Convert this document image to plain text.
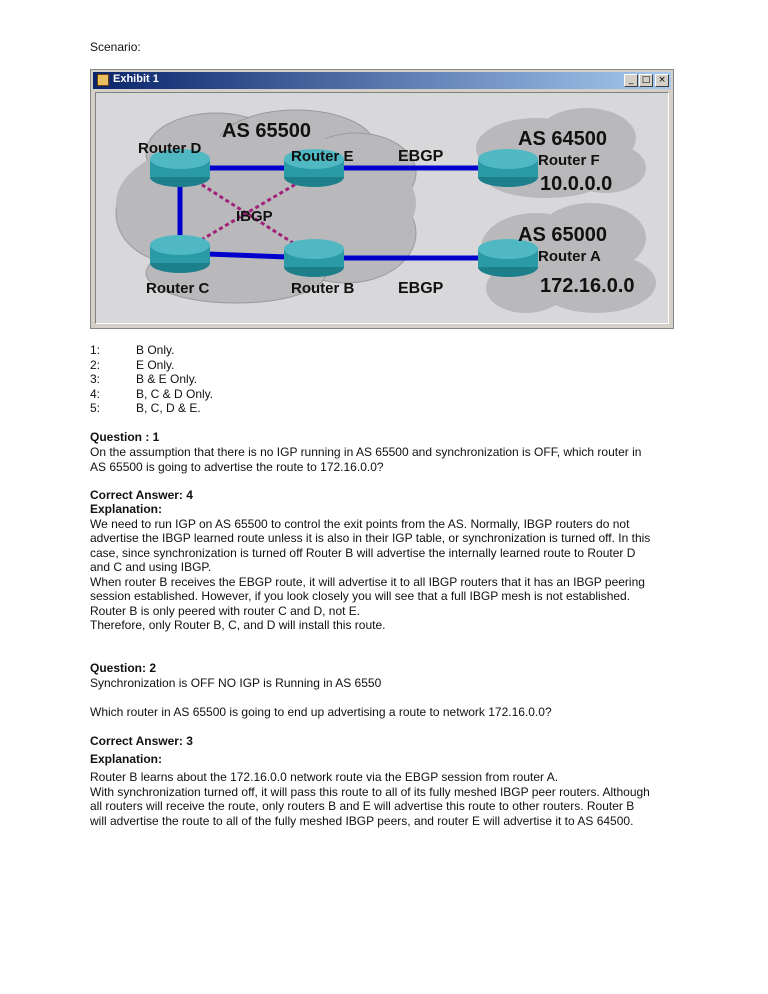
Scenario:
Exhibit 1	_ □ ×
AS 65500
Router D	Router E	EBGP
IBGP
Router C	Router B	EBGP
AS 64500
Router F
10.0.0.0
AS 65000
Router A
172.16.0.0
1:	B Only.
2:	E Only.
3:	B & E Only.
4:	B, C & D Only.
5:	B, C, D & E.
Question : 1
On the assumption that there is no IGP running in AS 65500 and synchronization is OFF, which router in
AS 65500 is going to advertise the route to 172.16.0.0?
Correct Answer: 4
Explanation:
We need to run IGP on AS 65500 to control the exit points from the AS. Normally, IBGP routers do not
advertise the IBGP learned route unless it is also in their IGP table, or synchronization is turned off. In this
case, since synchronization is turned off Router B will advertise the internally learned route to Router D
and C and using IBGP.
When router B receives the EBGP route, it will advertise it to all IBGP routers that it has an IBGP peering
session established. However, if you look closely you will see that a full IBGP mesh is not established.
Router B is only peered with router C and D, not E.
Therefore, only Router B, C, and D will install this route.
Question: 2
Synchronization is OFF NO IGP is Running in AS 6550
Which router in AS 65500 is going to end up advertising a route to network 172.16.0.0?
Correct Answer: 3
Explanation:
Router B learns about the 172.16.0.0 network route via the EBGP session from router A.
With synchronization turned off, it will pass this route to all of its fully meshed IBGP peer routers. Although
all routers will receive the route, only routers B and E will advertise this route to other routers. Router B
will advertise the route to all of the fully meshed IBGP peers, and router E will advertise it to AS 64500.
